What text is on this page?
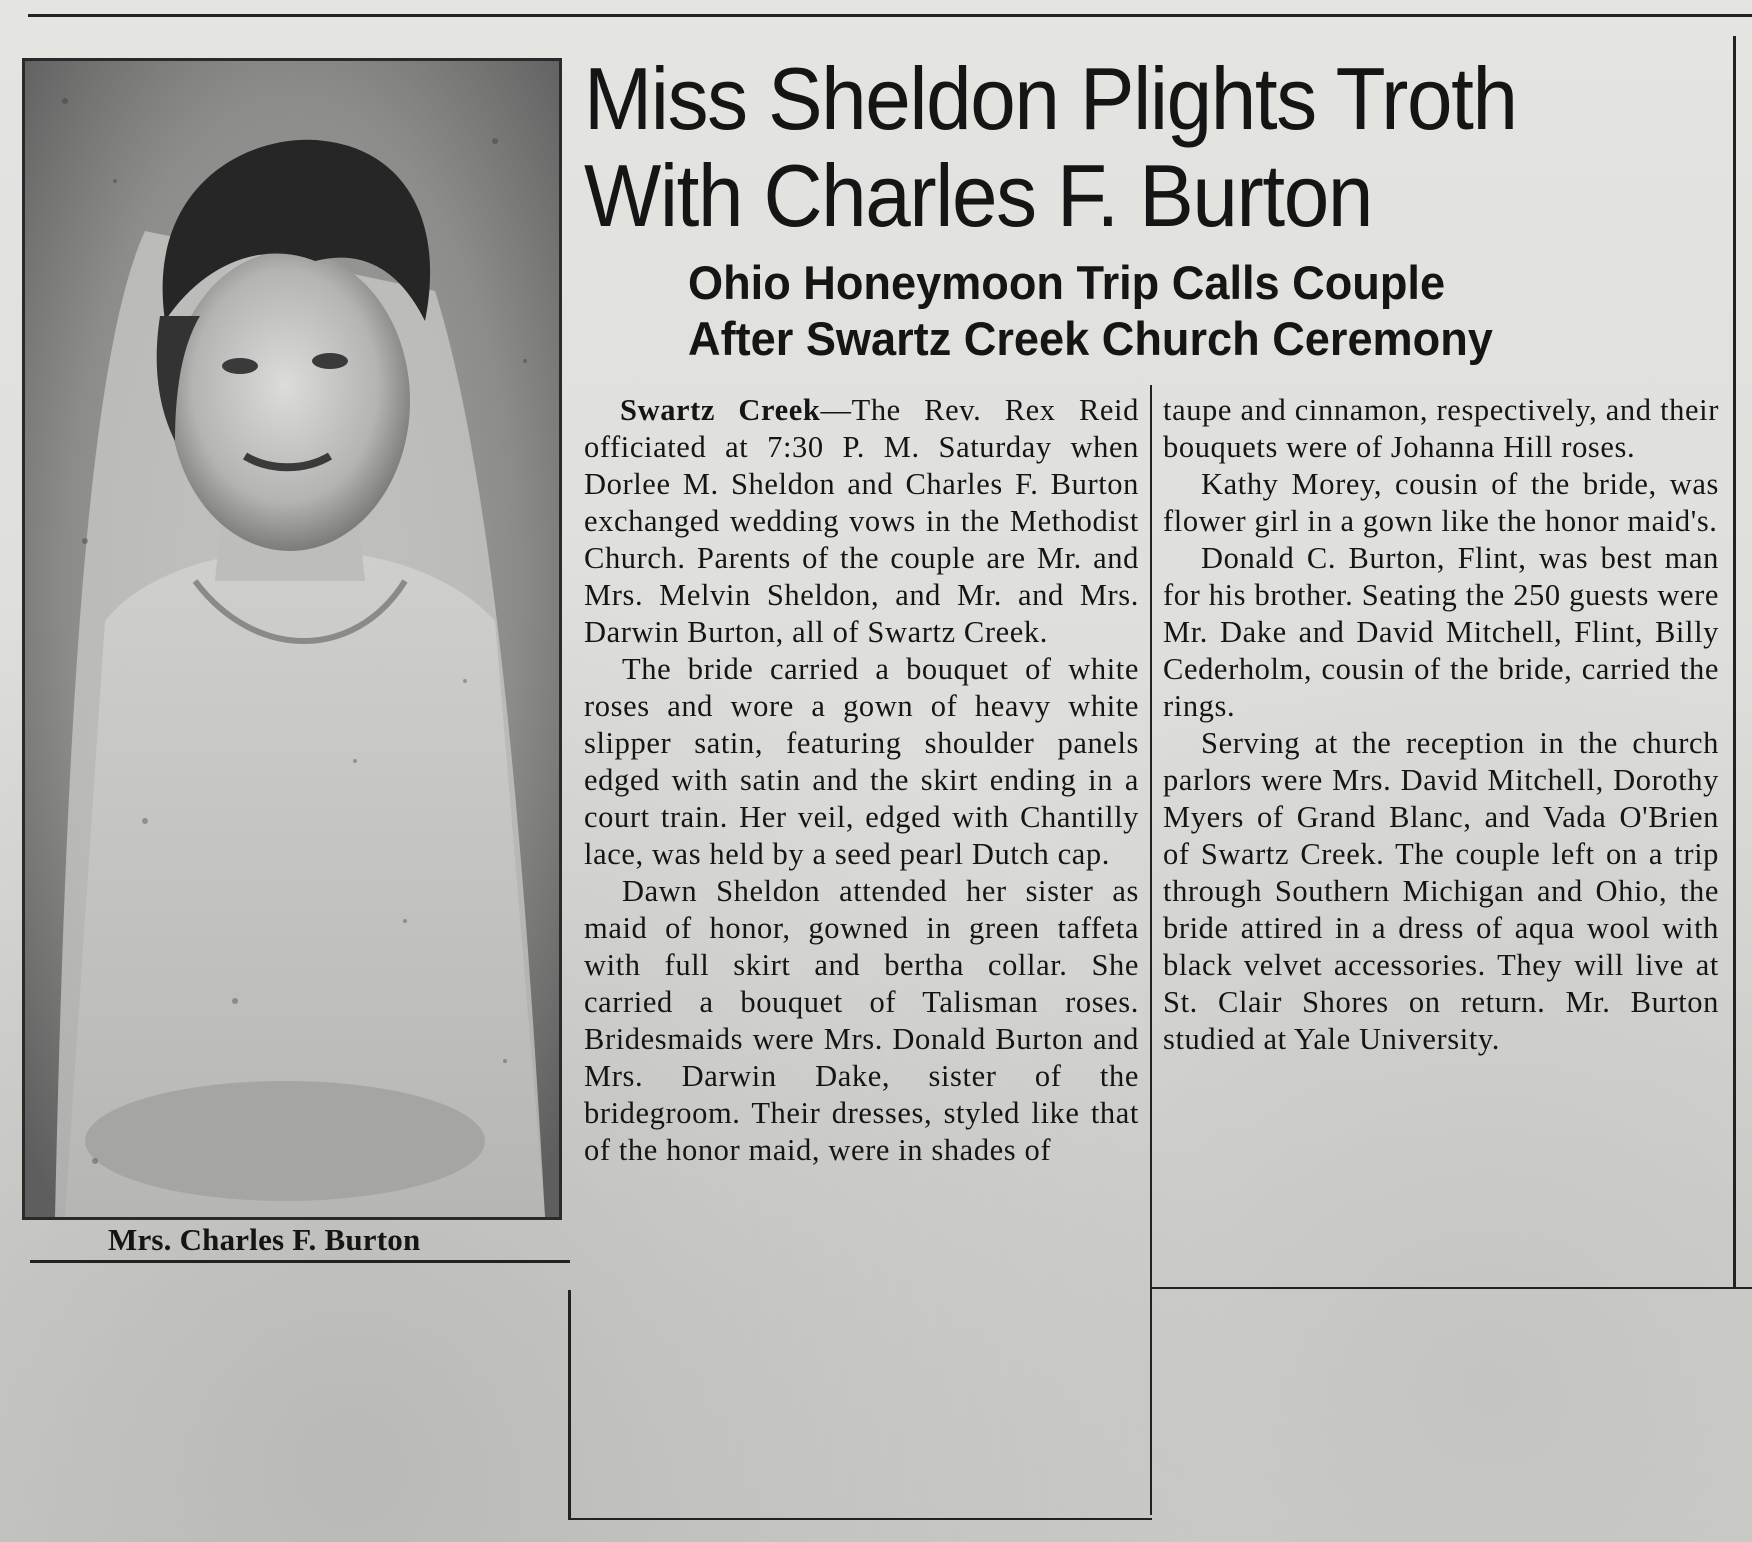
Mrs. Charles F. Burton
Miss Sheldon Plights Troth
With Charles F. Burton
Ohio Honeymoon Trip Calls Couple
After Swartz Creek Church Ceremony

Swartz Creek—The Rev. Rex Reid officiated at 7:30 P. M. Saturday when Dorlee M. Sheldon and Charles F. Burton exchanged wedding vows in the Methodist Church. Parents of the couple are Mr. and Mrs. Melvin Sheldon, and Mr. and Mrs. Darwin Burton, all of Swartz Creek.

The bride carried a bouquet of white roses and wore a gown of heavy white slipper satin, featuring shoulder panels edged with satin and the skirt ending in a court train. Her veil, edged with Chantilly lace, was held by a seed pearl Dutch cap.

Dawn Sheldon attended her sister as maid of honor, gowned in green taffeta with full skirt and bertha collar. She carried a bouquet of Talisman roses. Bridesmaids were Mrs. Donald Burton and Mrs. Darwin Dake, sister of the bridegroom. Their dresses, styled like that of the honor maid, were in shades of

taupe and cinnamon, respectively, and their bouquets were of Johanna Hill roses.

Kathy Morey, cousin of the bride, was flower girl in a gown like the honor maid's.

Donald C. Burton, Flint, was best man for his brother. Seating the 250 guests were Mr. Dake and David Mitchell, Flint, Billy Cederholm, cousin of the bride, carried the rings.

Serving at the reception in the church parlors were Mrs. David Mitchell, Dorothy Myers of Grand Blanc, and Vada O'Brien of Swartz Creek. The couple left on a trip through Southern Michigan and Ohio, the bride attired in a dress of aqua wool with black velvet accessories. They will live at St. Clair Shores on return. Mr. Burton studied at Yale University.
